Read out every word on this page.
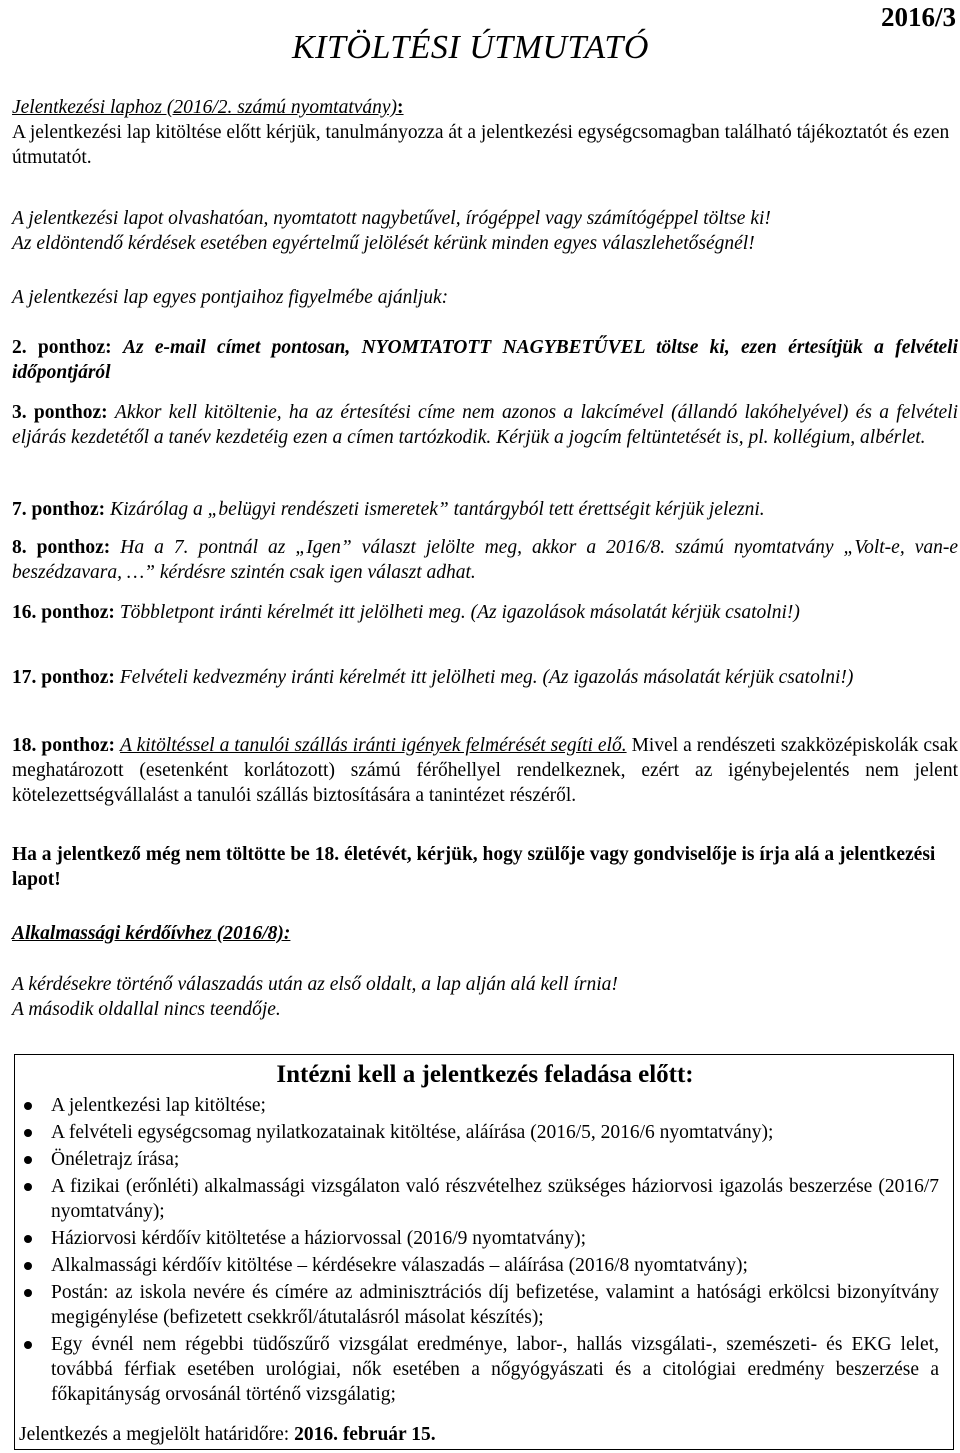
2016/3
KITÖLTÉSI ÚTMUTATÓ
Jelentkezési laphoz (2016/2. számú nyomtatvány):
A jelentkezési lap kitöltése előtt kérjük, tanulmányozza át a jelentkezési egységcsomagban található tájékoztatót és ezen útmutatót.
A jelentkezési lapot olvashatóan, nyomtatott nagybetűvel, írógéppel vagy számítógéppel töltse ki!
Az eldöntendő kérdések esetében egyértelmű jelölését kérünk minden egyes válaszlehetőségnél!
A jelentkezési lap egyes pontjaihoz figyelmébe ajánljuk:
2. ponthoz: Az e-mail címet pontosan, NYOMTATOTT NAGYBETŰVEL töltse ki, ezen értesítjük a felvételi időpontjáról
3. ponthoz: Akkor kell kitöltenie, ha az értesítési címe nem azonos a lakcímével (állandó lakóhelyével) és a felvételi eljárás kezdetétől a tanév kezdetéig ezen a címen tartózkodik. Kérjük a jogcím feltüntetését is, pl. kollégium, albérlet.
7. ponthoz: Kizárólag a „belügyi rendészeti ismeretek” tantárgyból tett érettségit kérjük jelezni.
8. ponthoz: Ha a 7. pontnál az „Igen” választ jelölte meg, akkor a 2016/8. számú nyomtatvány „Volt-e, van-e beszédzavara, …” kérdésre szintén csak igen választ adhat.
16. ponthoz: Többletpont iránti kérelmét itt jelölheti meg. (Az igazolások másolatát kérjük csatolni!)
17. ponthoz: Felvételi kedvezmény iránti kérelmét itt jelölheti meg. (Az igazolás másolatát kérjük csatolni!)
18. ponthoz: A kitöltéssel a tanulói szállás iránti igények felmérését segíti elő. Mivel a rendészeti szakközépiskolák csak meghatározott (esetenként korlátozott) számú férőhellyel rendelkeznek, ezért az igénybejelentés nem jelent kötelezettségvállalást a tanulói szállás biztosítására a tanintézet részéről.
Ha a jelentkező még nem töltötte be 18. életévét, kérjük, hogy szülője vagy gondviselője is írja alá a jelentkezési lapot!
Alkalmassági kérdőívhez (2016/8):
A kérdésekre történő válaszadás után az első oldalt, a lap alján alá kell írnia!
A második oldallal nincs teendője.
Intézni kell a jelentkezés feladása előtt:
A jelentkezési lap kitöltése;
A felvételi egységcsomag nyilatkozatainak kitöltése, aláírása (2016/5, 2016/6 nyomtatvány);
Önéletrajz írása;
A fizikai (erőnléti) alkalmassági vizsgálaton való részvételhez szükséges háziorvosi igazolás beszerzése (2016/7 nyomtatvány);
Háziorvosi kérdőív kitöltetése a háziorvossal (2016/9 nyomtatvány);
Alkalmassági kérdőív kitöltése – kérdésekre válaszadás – aláírása (2016/8 nyomtatvány);
Postán: az iskola nevére és címére az adminisztrációs díj befizetése, valamint a hatósági erkölcsi bizonyítvány megigénylése (befizetett csekkről/átutalásról másolat készítés);
Egy évnél nem régebbi tüdőszűrő vizsgálat eredménye, labor-, hallás vizsgálati-, szemészeti- és EKG lelet, továbbá férfiak esetében urológiai, nők esetében a nőgyógyászati és a citológiai eredmény beszerzése a főkapitányság orvosánál történő vizsgálatig;
Jelentkezés a megjelölt határidőre: 2016. február 15.
